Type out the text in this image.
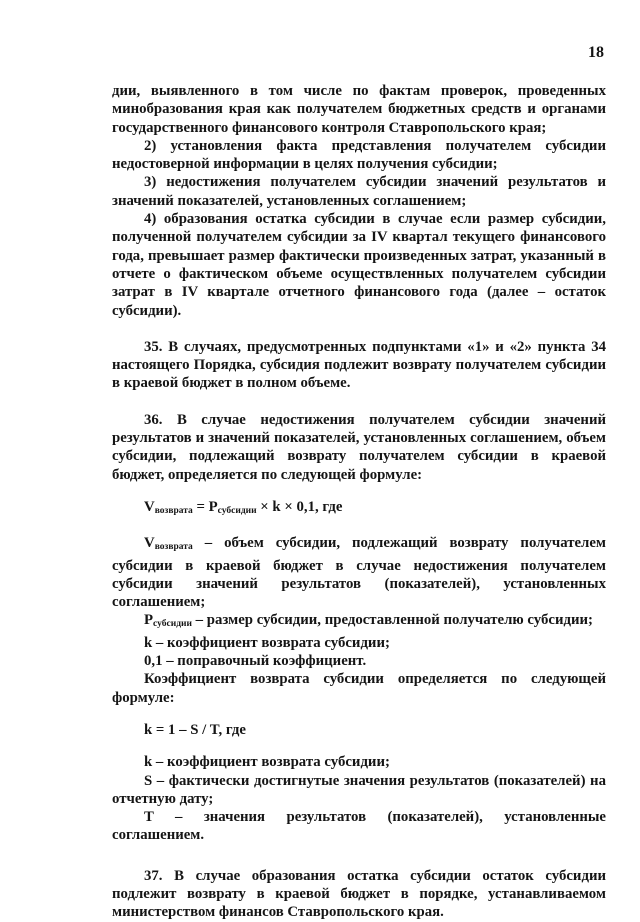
18

дии, выявленного в том числе по фактам проверок, проведенных минобразования края как получателем бюджетных средств и органами государственного финансового контроля Ставропольского края;

2) установления факта представления получателем субсидии недостоверной информации в целях получения субсидии;

3) недостижения получателем субсидии значений результатов и значений показателей, установленных соглашением;

4) образования остатка субсидии в случае если размер субсидии, полученной получателем субсидии за IV квартал текущего финансового года, превышает размер фактически произведенных затрат, указанный в отчете о фактическом объеме осуществленных получателем субсидии затрат в IV квартале отчетного финансового года (далее – остаток субсидии).

35. В случаях, предусмотренных подпунктами «1» и «2» пункта 34 настоящего Порядка, субсидия подлежит возврату получателем субсидии в краевой бюджет в полном объеме.

36. В случае недостижения получателем субсидии значений результатов и значений показателей, установленных соглашением, объем субсидии, подлежащий возврату получателем субсидии в краевой бюджет, определяется по следующей формуле:

$V_{возврата} = P_{субсидии} \times k \times 0,1$, где

$V_{возврата}$ – объем субсидии, подлежащий возврату получателем субсидии в краевой бюджет в случае недостижения получателем субсидии значений результатов (показателей), установленных соглашением;

$P_{субсидии}$ – размер субсидии, предоставленной получателю субсидии;

k – коэффициент возврата субсидии;

0,1 – поправочный коэффициент.

Коэффициент возврата субсидии определяется по следующей формуле:

k = 1 – S / T, где

k – коэффициент возврата субсидии;

S – фактически достигнутые значения результатов (показателей) на отчетную дату;

T – значения результатов (показателей), установленные соглашением.

37. В случае образования остатка субсидии остаток субсидии подлежит возврату в краевой бюджет в порядке, устанавливаемом министерством финансов Ставропольского края.
